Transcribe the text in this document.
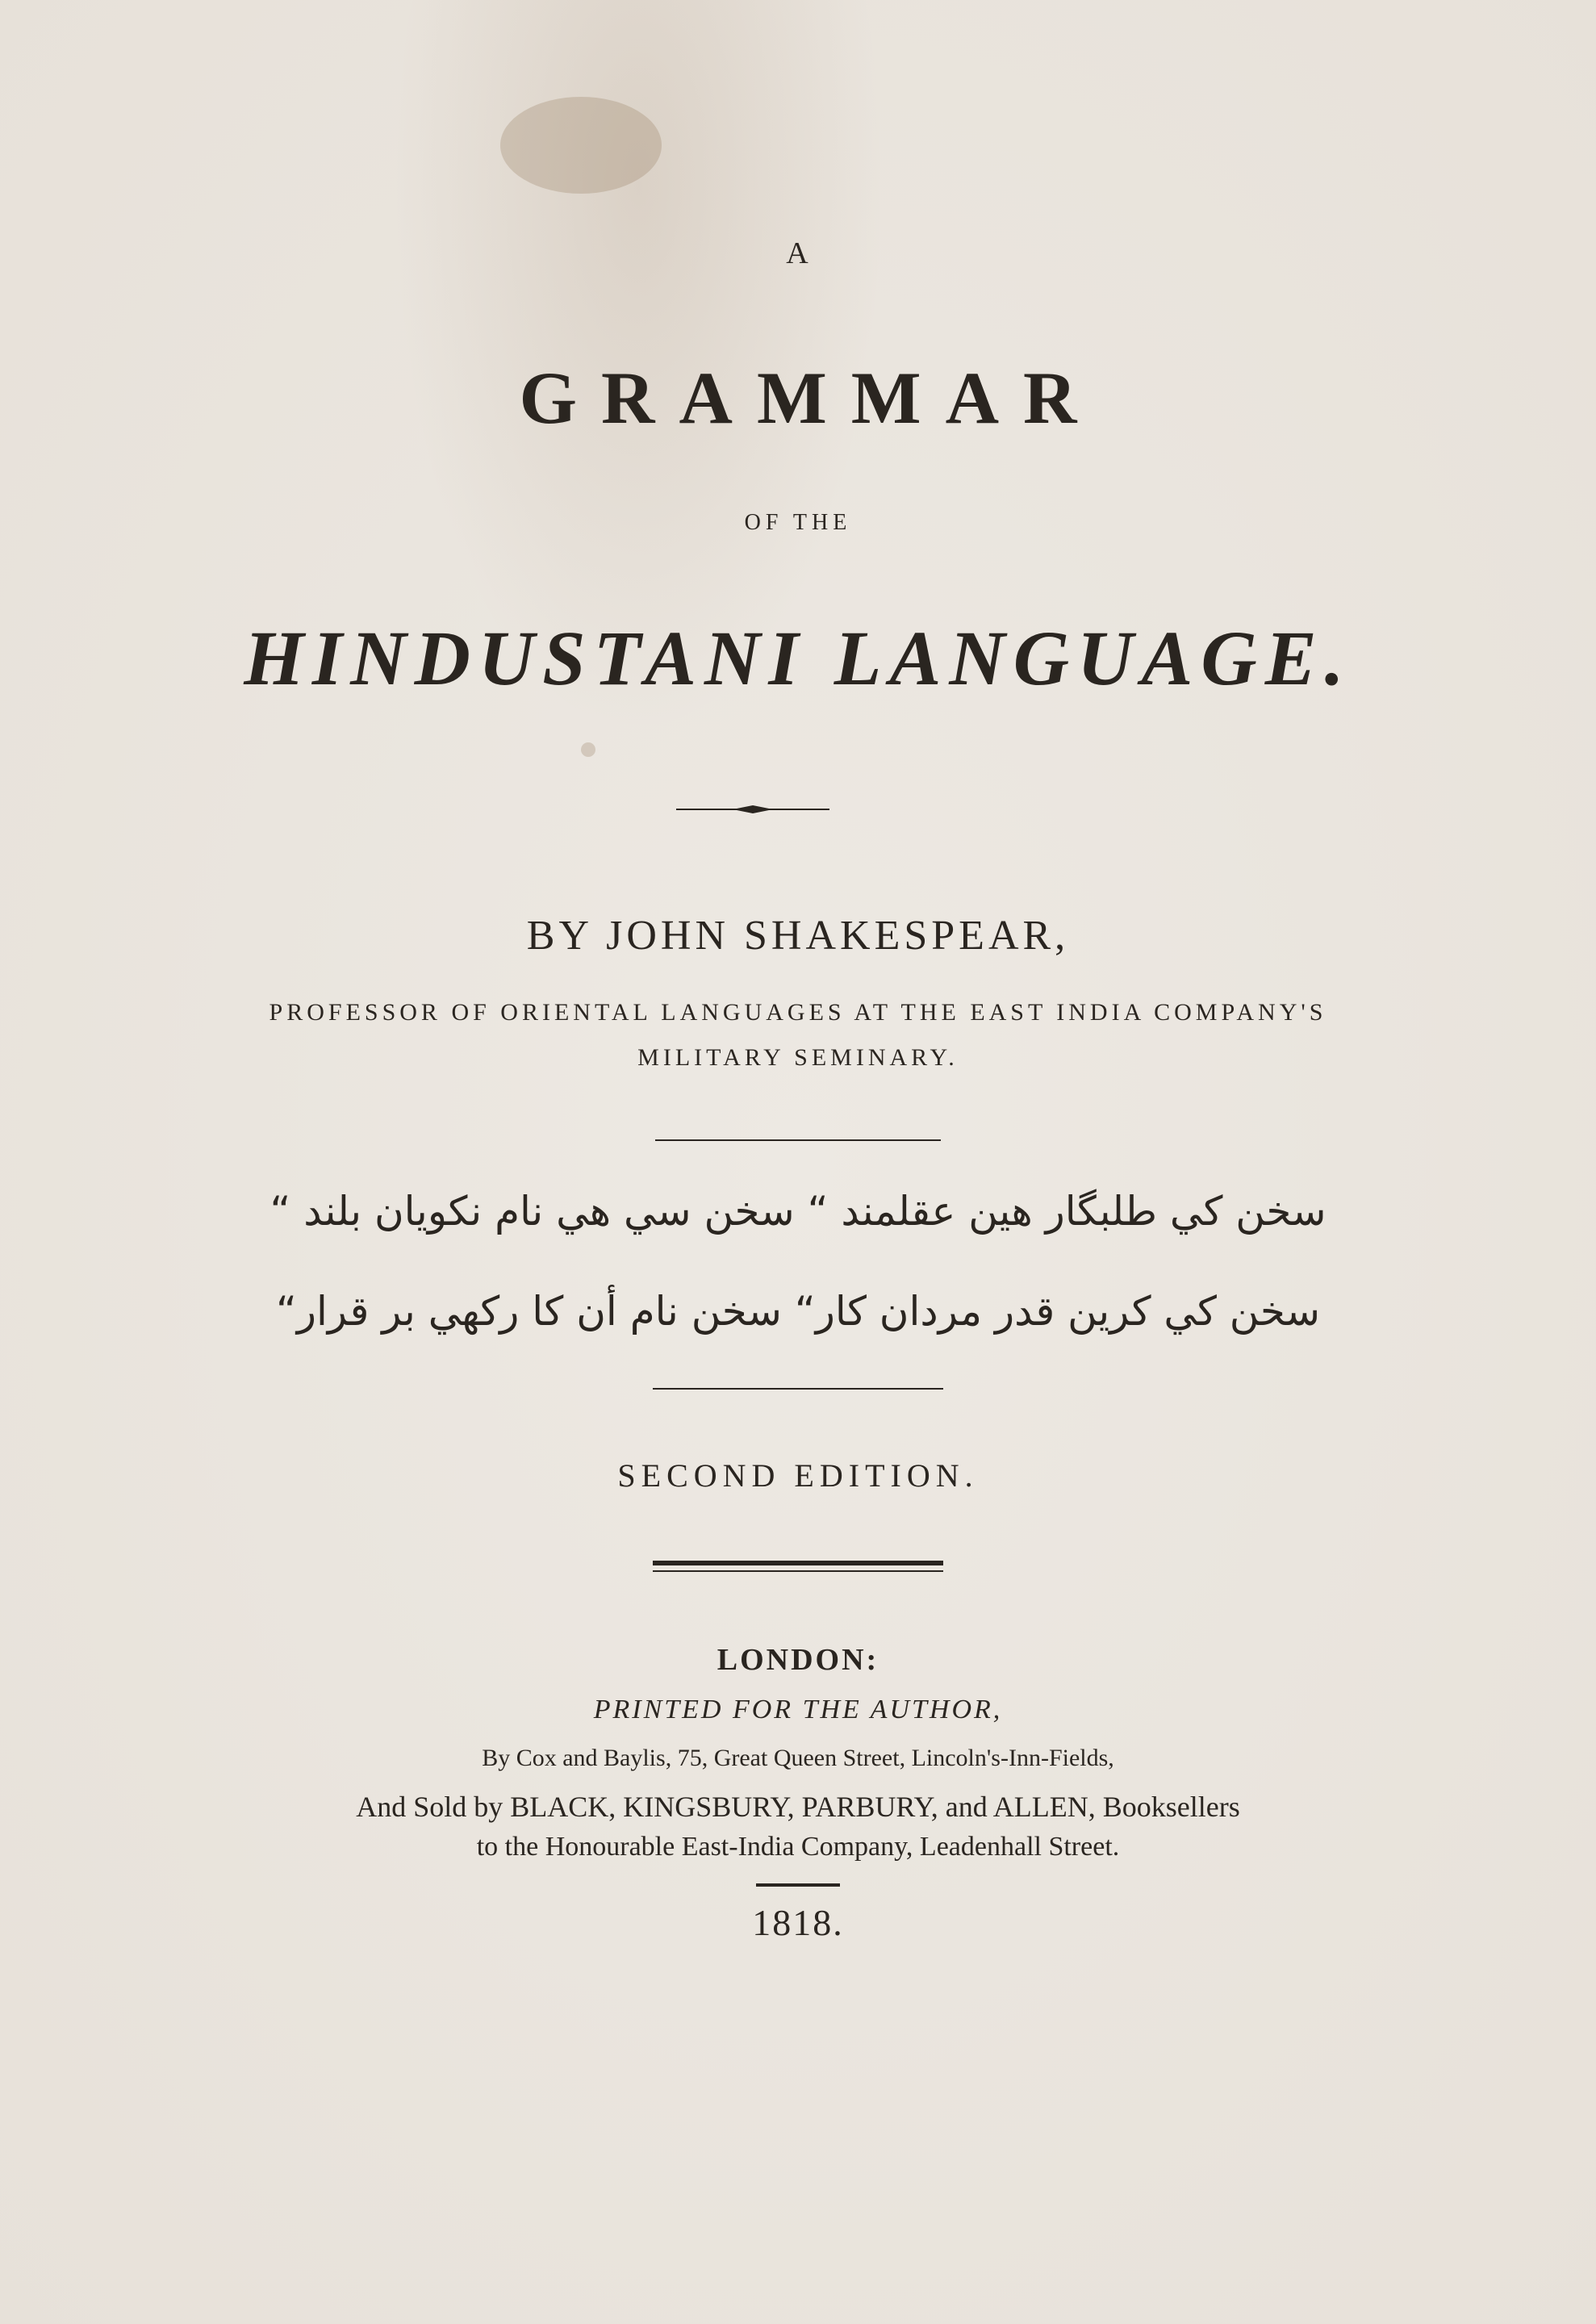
A
GRAMMAR
OF THE
HINDUSTANI LANGUAGE.
BY JOHN SHAKESPEAR,
PROFESSOR OF ORIENTAL LANGUAGES AT THE EAST INDIA COMPANY'S
MILITARY SEMINARY.
سخن کي طلبگار هين عقلمند “ سخن سي هي نام نکويان بلند “
سخن کي کرين قدر مردان کار“ سخن نام أن کا رکهي بر قرار“
SECOND EDITION.
LONDON:
PRINTED FOR THE AUTHOR,
By Cox and Baylis, 75, Great Queen Street, Lincoln's-Inn-Fields,
And Sold by BLACK, KINGSBURY, PARBURY, and ALLEN, Booksellers
to the Honourable East-India Company, Leadenhall Street.
1818.
